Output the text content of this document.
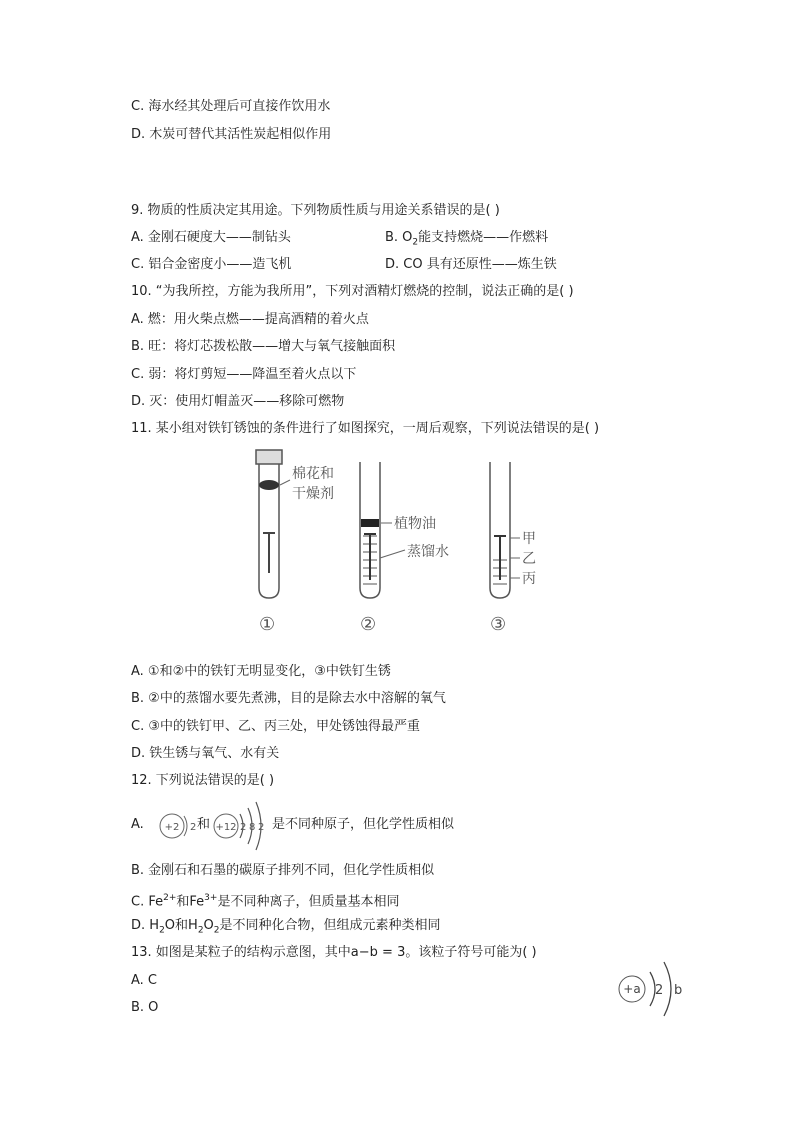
C. 海水经其处理后可直接作饮用水
D. 木炭可替代其活性炭起相似作用
9. 物质的性质决定其用途。下列物质性质与用途关系错误的是( )
A. 金刚石硬度大——制钻头	B. $O_2$能支持燃烧——作燃料
C. 铝合金密度小——造飞机	D. CO 具有还原性——炼生铁
10. “为我所控，方能为我所用”，下列对酒精灯燃烧的控制，说法正确的是( )
A. 燃：用火柴点燃——提高酒精的着火点
B. 旺：将灯芯拨松散——增大与氧气接触面积
C. 弱：将灯剪短——降温至着火点以下
D. 灭：使用灯帽盖灭——移除可燃物
11. 某小组对铁钉锈蚀的条件进行了如图探究，一周后观察，下列说法错误的是( )
棉花和
干燥剂
植物油
蒸馏水
甲
乙
丙
①	②	③
A. ①和②中的铁钉无明显变化，③中铁钉生锈
B. ②中的蒸馏水要先煮沸，目的是除去水中溶解的氧气
C. ③中的铁钉甲、乙、丙三处，甲处锈蚀得最严重
D. 铁生锈与氧气、水有关
12. 下列说法错误的是( )
A. +2 2 和 +12 2 8 2 是不同种原子，但化学性质相似
B. 金刚石和石墨的碳原子排列不同，但化学性质相似
C. $Fe^{2+}$和$Fe^{3+}$是不同种离子，但质量基本相同
D. $H_2O$和$H_2O_2$是不同种化合物，但组成元素种类相同
13. 如图是某粒子的结构示意图，其中a−b = 3。该粒子符号可能为( )
A. C
B. O
+a 2 b
